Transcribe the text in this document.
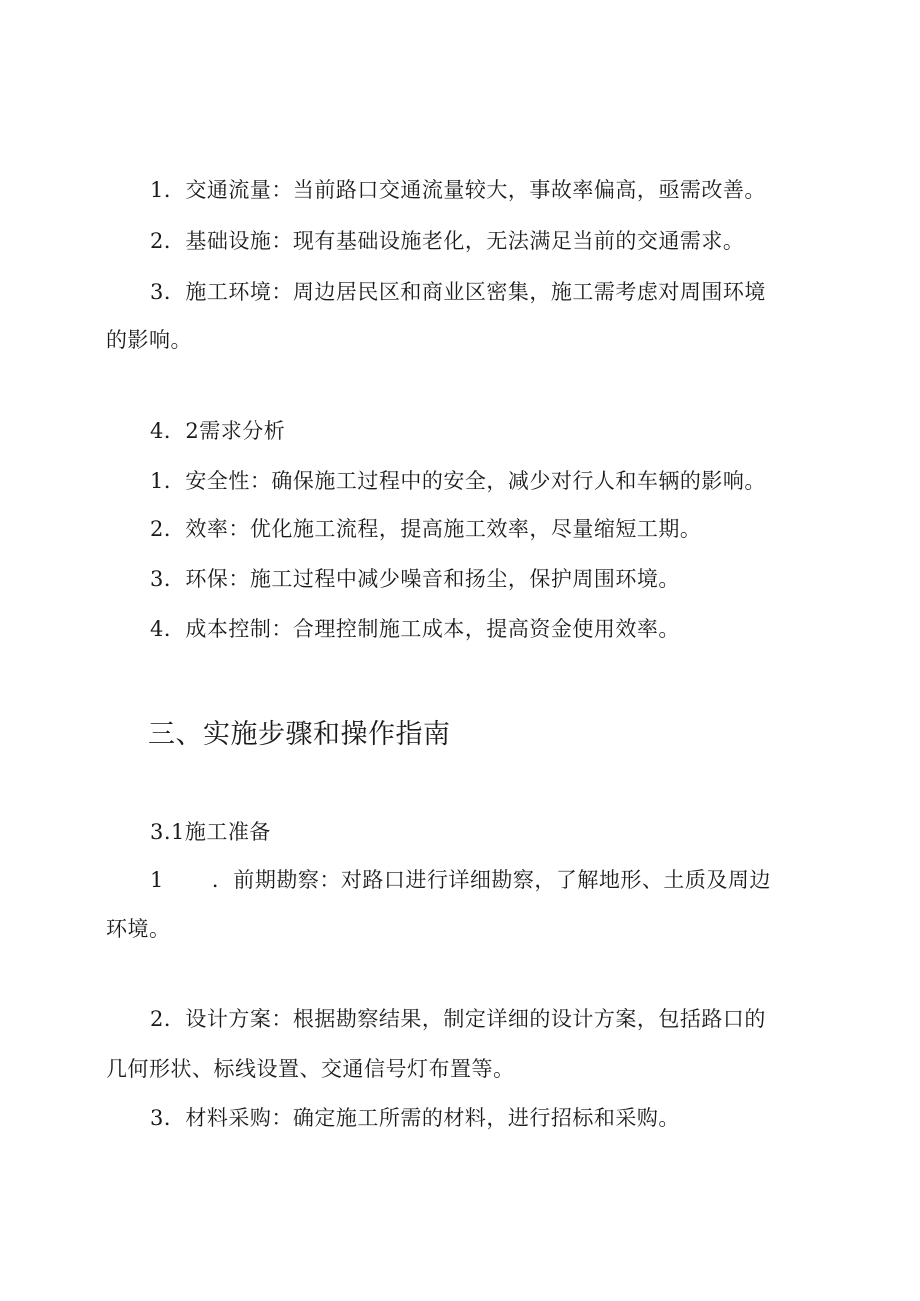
1．交通流量：当前路口交通流量较大，事故率偏高，亟需改善。
2．基础设施：现有基础设施老化，无法满足当前的交通需求。
3．施工环境：周边居民区和商业区密集，施工需考虑对周围环境
的影响。
4．2需求分析
1．安全性：确保施工过程中的安全，减少对行人和车辆的影响。
2．效率：优化施工流程，提高施工效率，尽量缩短工期。
3．环保：施工过程中减少噪音和扬尘，保护周围环境。
4．成本控制：合理控制施工成本，提高资金使用效率。
三、实施步骤和操作指南
3.1施工准备
1 ．前期勘察：对路口进行详细勘察，了解地形、土质及周边
环境。
2．设计方案：根据勘察结果，制定详细的设计方案，包括路口的
几何形状、标线设置、交通信号灯布置等。
3．材料采购：确定施工所需的材料，进行招标和采购。
